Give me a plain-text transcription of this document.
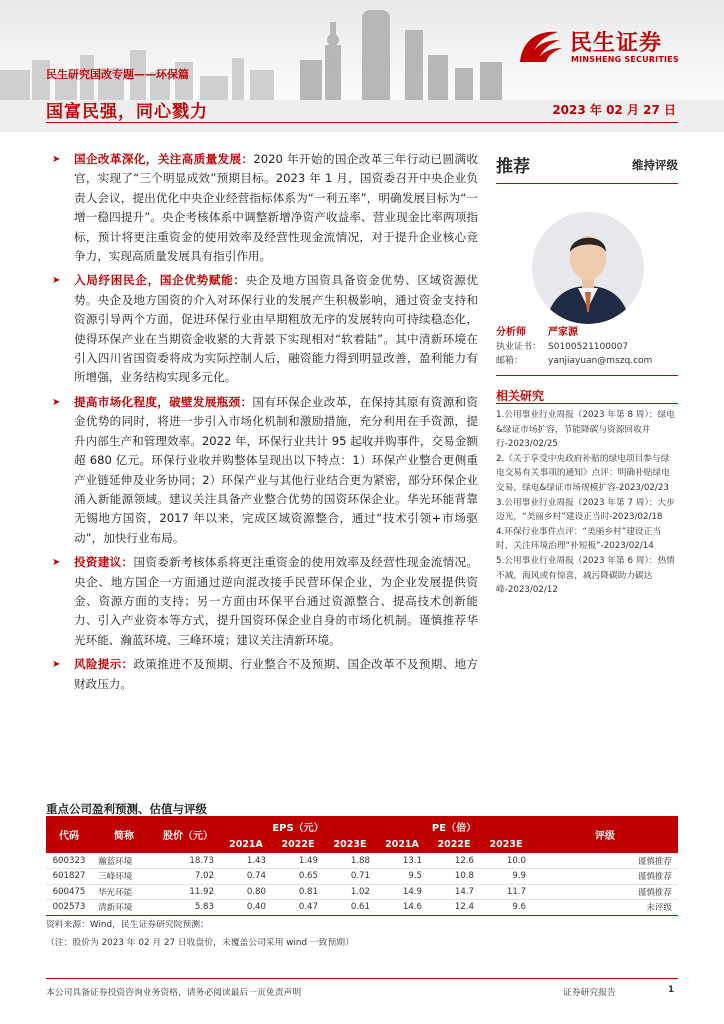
民生证券
MINSHENG SECURITIES
民生研究国改专题——环保篇
国富民强，同心戮力	2023 年 02 月 27 日
➤ 国企改革深化，关注高质量发展：2020 年开始的国企改革三年行动已圆满收官，实现了“三个明显成效”预期目标。2023 年 1 月，国资委召开中央企业负责人会议，提出优化中央企业经营指标体系为“一利五率”，明确发展目标为“一增一稳四提升”。央企考核体系中调整新增净资产收益率、营业现金比率两项指标，预计将更注重资金的使用效率及经营性现金流情况，对于提升企业核心竞争力，实现高质量发展具有指引作用。
➤ 入局纾困民企，国企优势赋能：央企及地方国资具备资金优势、区域资源优势。央企及地方国资的介入对环保行业的发展产生积极影响，通过资金支持和资源引导两个方面，促进环保行业由早期粗放无序的发展转向可持续稳态化，使得环保产业在当期资金收紧的大背景下实现相对“软着陆”。其中清新环境在引入四川省国资委将成为实际控制人后，融资能力得到明显改善，盈利能力有所增强，业务结构实现多元化。
➤ 提高市场化程度，破壁发展瓶颈：国有环保企业改革，在保持其原有资源和资金优势的同时，将进一步引入市场化机制和激励措施，充分利用在手资源，提升内部生产和管理效率。2022 年，环保行业共计 95 起收并购事件，交易金额超 680 亿元。环保行业收并购整体呈现出以下特点：1）环保产业整合更侧重产业链延伸及业务协同；2）环保产业与其他行业结合更为紧密，部分环保企业涌入新能源领域。建议关注具备产业整合优势的国资环保企业。华光环能背靠无锡地方国资，2017 年以来，完成区域资源整合，通过“技术引领+市场驱动”，加快行业布局。
➤ 投资建议：国资委新考核体系将更注重资金的使用效率及经营性现金流情况。央企、地方国企一方面通过逆向混改接手民营环保企业，为企业发展提供资金、资源方面的支持；另一方面由环保平台通过资源整合、提高技术创新能力、引入产业资本等方式，提升国资环保企业自身的市场化机制。谨慎推荐华光环能、瀚蓝环境、三峰环境；建议关注清新环境。
➤ 风险提示：政策推进不及预期、行业整合不及预期、国企改革不及预期、地方财政压力。
推荐	维持评级
分析师 严家源
执业证书： S0100521100007
邮箱：	yanjiayuan@mszq.com
相关研究
1.公用事业行业周报（2023 年第 8 周）：绿电&绿证市场扩容，节能降碳与资源回收并行-2023/02/25
2.《关于享受中央政府补贴的绿电项目参与绿电交易有关事项的通知》点评：明确补贴绿电交易，绿电&绿证市场规模扩容-2023/02/23
3.公用事业行业周报（2023 年第 7 周）：大步迈光，“美丽乡村”建设正当时-2023/02/18
4.环保行业事件点评：“美丽乡村”建设正当时，关注环境治理“补短板”-2023/02/14
5.公用事业行业周报（2023 年第 6 周）：热情不减，海风或有惊喜，减污降碳助力碳达峰-2023/02/12
重点公司盈利预测、估值与评级
代码	简称	股价（元）	EPS（元）			PE（倍）			评级
			2021A	2022E	2023E	2021A	2022E	2023E	
600323	瀚蓝环境	18.73	1.43	1.49	1.88	13.1	12.6	10.0	谨慎推荐
601827	三峰环境	7.02	0.74	0.65	0.71	9.5	10.8	9.9	谨慎推荐
600475	华光环能	11.92	0.80	0.81	1.02	14.9	14.7	11.7	谨慎推荐
002573	清新环境	5.83	0.40	0.47	0.61	14.6	12.4	9.6	未评级
资料来源：Wind，民生证券研究院预测；
（注：股价为 2023 年 02 月 27 日收盘价，未覆盖公司采用 wind 一致预期）
本公司具备证券投资咨询业务资格，请务必阅读最后一页免责声明	证券研究报告	1
